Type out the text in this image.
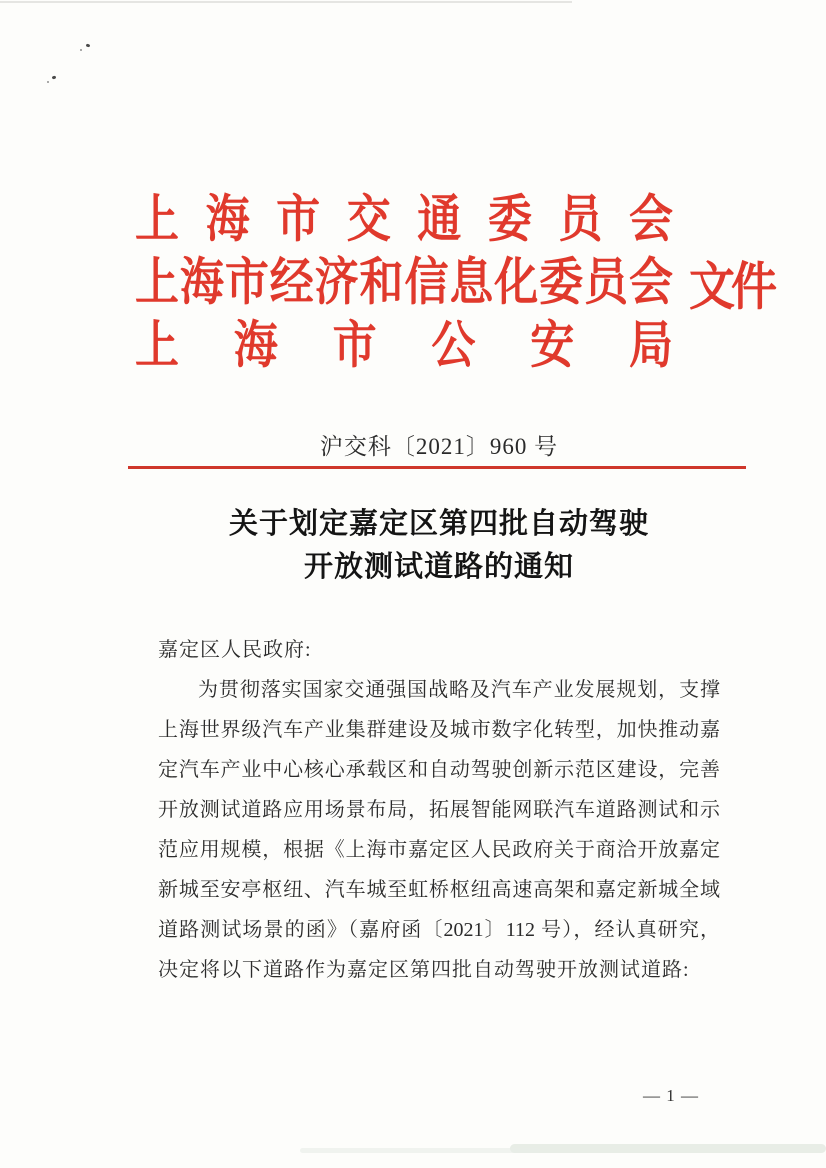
上海市交通委员会
上海市经济和信息化委员会
上海市公安局
文件
沪交科〔2021〕960 号
关于划定嘉定区第四批自动驾驶
开放测试道路的通知
嘉定区人民政府:
为贯彻落实国家交通强国战略及汽车产业发展规划，支撑
上海世界级汽车产业集群建设及城市数字化转型，加快推动嘉
定汽车产业中心核心承载区和自动驾驶创新示范区建设，完善
开放测试道路应用场景布局，拓展智能网联汽车道路测试和示
范应用规模，根据《上海市嘉定区人民政府关于商洽开放嘉定
新城至安亭枢纽、汽车城至虹桥枢纽高速高架和嘉定新城全域
道路测试场景的函》（嘉府函〔2021〕112 号），经认真研究，
决定将以下道路作为嘉定区第四批自动驾驶开放测试道路:
— 1 —
